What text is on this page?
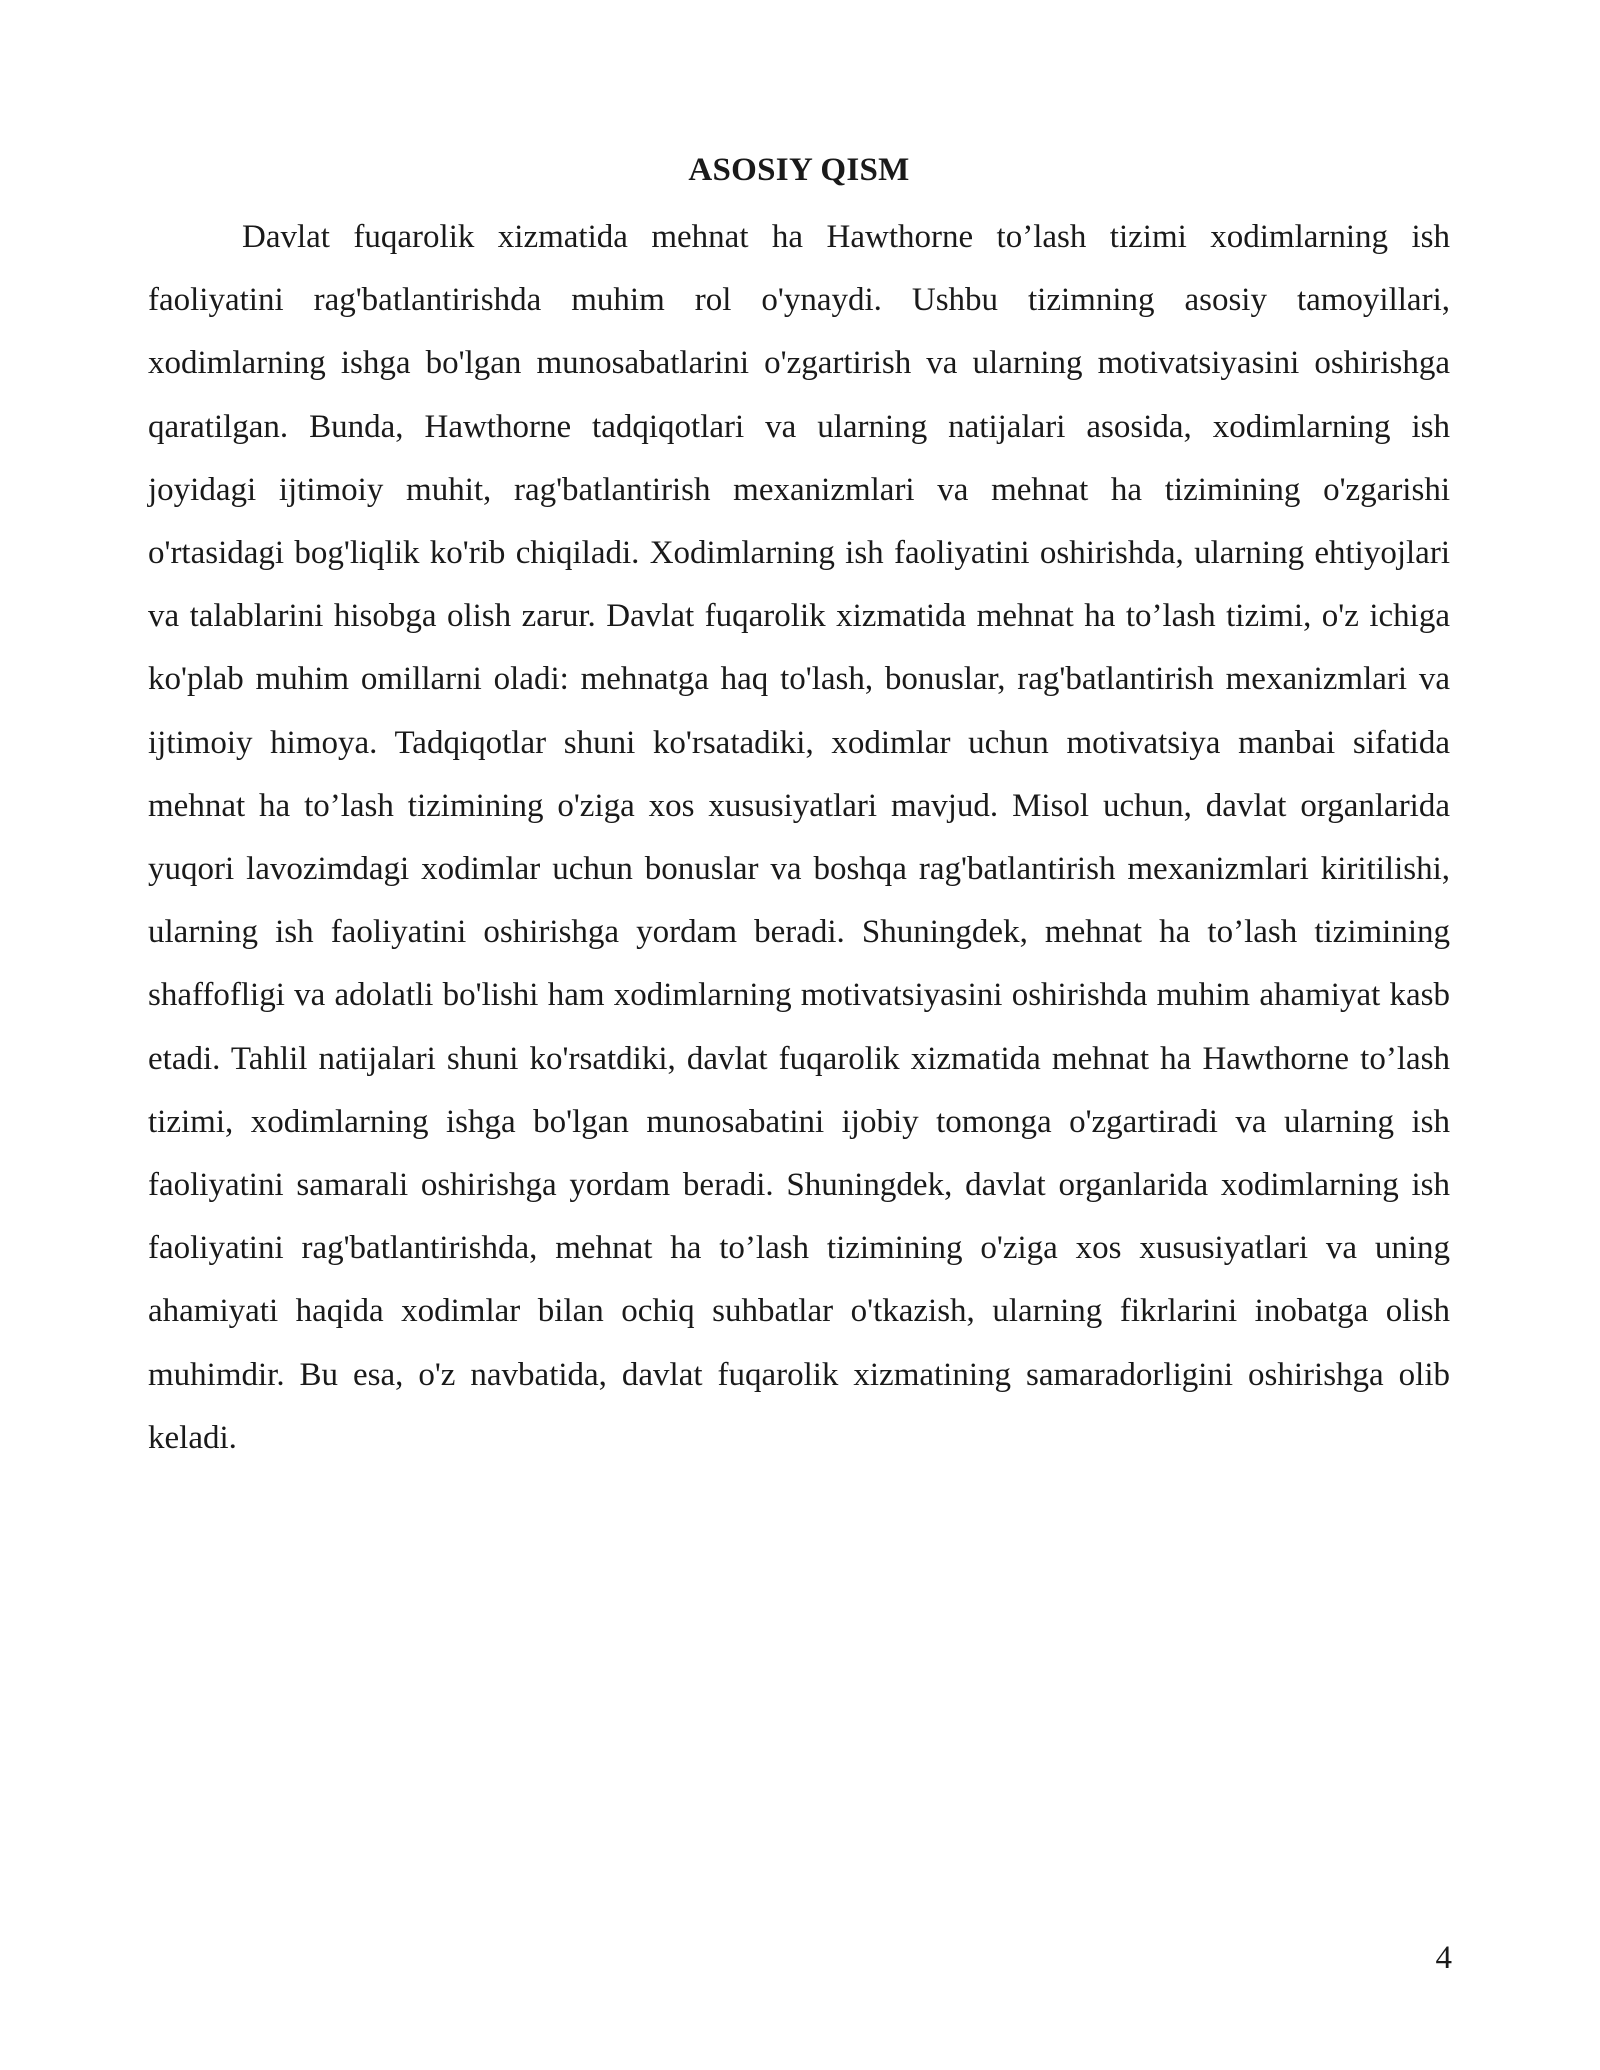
ASOSIY QISM

Davlat fuqarolik xizmatida mehnat ha Hawthorne to’lash tizimi xodimlarning ish faoliyatini rag'batlantirishda muhim rol o'ynaydi. Ushbu tizimning asosiy tamoyillari, xodimlarning ishga bo'lgan munosabatlarini o'zgartirish va ularning motivatsiyasini oshirishga qaratilgan. Bunda, Hawthorne tadqiqotlari va ularning natijalari asosida, xodimlarning ish joyidagi ijtimoiy muhit, rag'batlantirish mexanizmlari va mehnat ha tizimining o'zgarishi o'rtasidagi bog'liqlik ko'rib chiqiladi. Xodimlarning ish faoliyatini oshirishda, ularning ehtiyojlari va talablarini hisobga olish zarur. Davlat fuqarolik xizmatida mehnat ha to’lash tizimi, o'z ichiga ko'plab muhim omillarni oladi: mehnatga haq to'lash, bonuslar, rag'batlantirish mexanizmlari va ijtimoiy himoya. Tadqiqotlar shuni ko'rsatadiki, xodimlar uchun motivatsiya manbai sifatida mehnat ha to’lash tizimining o'ziga xos xususiyatlari mavjud. Misol uchun, davlat organlarida yuqori lavozimdagi xodimlar uchun bonuslar va boshqa rag'batlantirish mexanizmlari kiritilishi, ularning ish faoliyatini oshirishga yordam beradi. Shuningdek, mehnat ha to’lash tizimining shaffofligi va adolatli bo'lishi ham xodimlarning motivatsiyasini oshirishda muhim ahamiyat kasb etadi. Tahlil natijalari shuni ko'rsatdiki, davlat fuqarolik xizmatida mehnat ha Hawthorne to’lash tizimi, xodimlarning ishga bo'lgan munosabatini ijobiy tomonga o'zgartiradi va ularning ish faoliyatini samarali oshirishga yordam beradi. Shuningdek, davlat organlarida xodimlarning ish faoliyatini rag'batlantirishda, mehnat ha to’lash tizimining o'ziga xos xususiyatlari va uning ahamiyati haqida xodimlar bilan ochiq suhbatlar o'tkazish, ularning fikrlarini inobatga olish muhimdir. Bu esa, o'z navbatida, davlat fuqarolik xizmatining samaradorligini oshirishga olib keladi.

4
